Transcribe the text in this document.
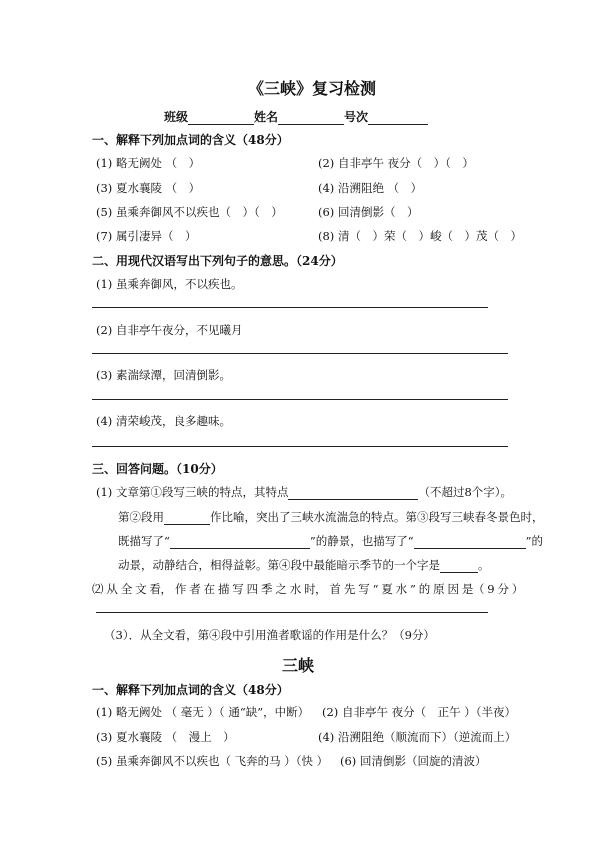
《三峡》复习检测
班级	姓名	号次
一、解释下列加点词的含义（48分）
(1) 略无阙处 （　）	(2) 自非亭午 夜分（　）（　）
(3) 夏水襄陵 （　）	(4) 沿溯阻绝 （　）
(5) 虽乘奔御风不以疾也（　）（　）	(6) 回清倒影（　）
(7) 属引凄异（　）	(8) 清（　）荣（　）峻（　）茂（　）
二、用现代汉语写出下列句子的意思。（24分）
(1) 虽乘奔御风，不以疾也。
(2) 自非亭午夜分，不见曦月
(3) 素湍绿潭，回清倒影。
(4) 清荣峻茂，良多趣味。
三、回答问题。（10分）
(1) 文章第①段写三峡的特点，其特点	（不超过8个字）。
第②段用	作比喻，突出了三峡水流湍急的特点。第③段写三峡春冬景色时，
既描写了“	”的静景，也描写了“	”的
动景，动静结合，相得益彰。第④段中最能暗示季节的一个字是	。
⑵ 从 全 文 看， 作 者 在 描 写 四 季 之 水 时， 首 先 写 “ 夏 水 ” 的 原 因 是（ 9 分 ）
（3）．从全文看，第④段中引用渔者歌谣的作用是什么？（9分）
三峡
一、解释下列加点词的含义（48分）
(1) 略无阙处 （ 毫无 ）（ 通“缺”，中断） (2) 自非亭午 夜分（　正午 ）（半夜）
(3) 夏水襄陵 （　漫上　）	(4) 沿溯阻绝（顺流而下）（逆流而上）
(5) 虽乘奔御风不以疾也（ 飞奔的马 ）（快 ） (6) 回清倒影（回旋的清波）
